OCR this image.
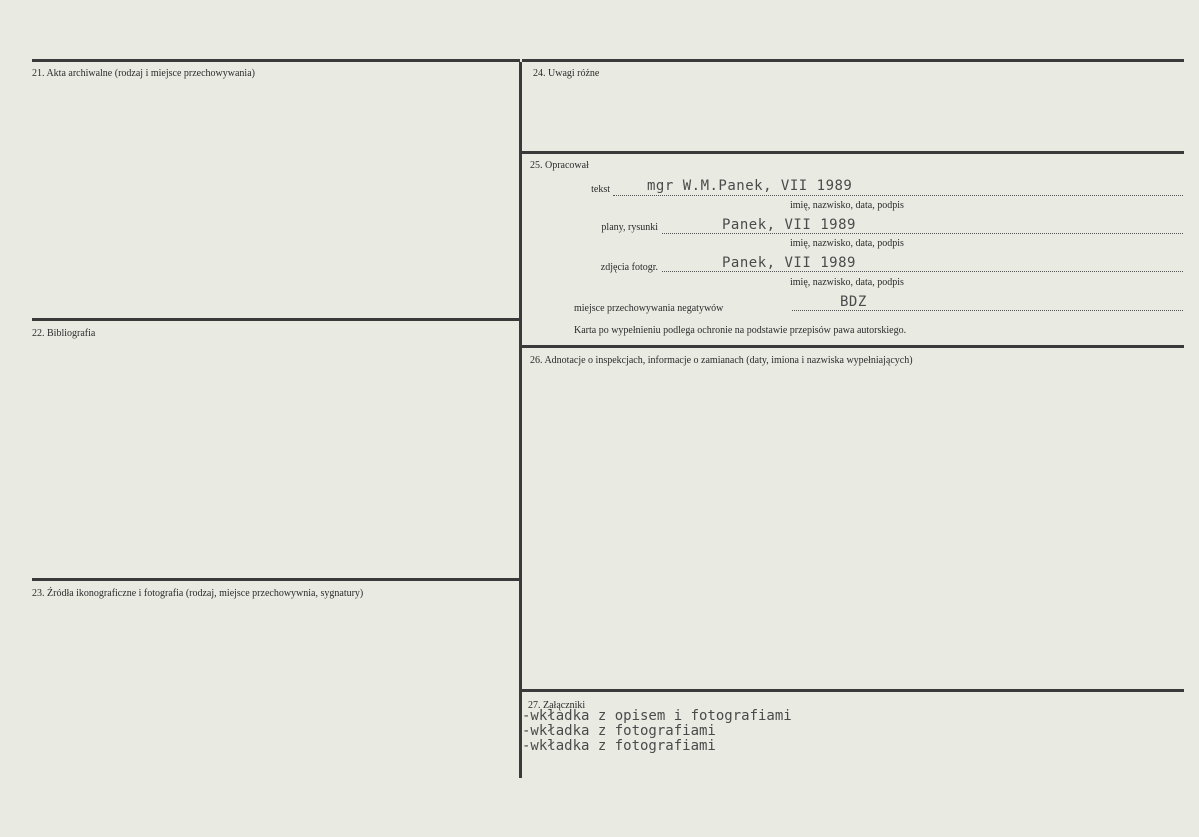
21. Akta archiwalne (rodzaj i miejsce przechowywania)
22. Bibliografia
23. Źródła ikonograficzne i fotografia (rodzaj, miejsce przechowywnia, sygnatury)
24. Uwagi różne
25. Opracował
26. Adnotacje o inspekcjach, informacje o zamianach (daty, imiona i nazwiska wypełniających)
27. Załączniki
tekst	mgr W.M.Panek, VII 1989
imię, nazwisko, data, podpis
plany, rysunki	Panek, VII 1989
imię, nazwisko, data, podpis
zdjęcia fotogr.	Panek, VII 1989
imię, nazwisko, data, podpis
miejsce przechowywania negatywów	BDZ
Karta po wypełnieniu podlega ochronie na podstawie przepisów pawa autorskiego.
-wkładka z opisem i fotografiami
-wkładka z fotografiami
-wkładka z fotografiami
